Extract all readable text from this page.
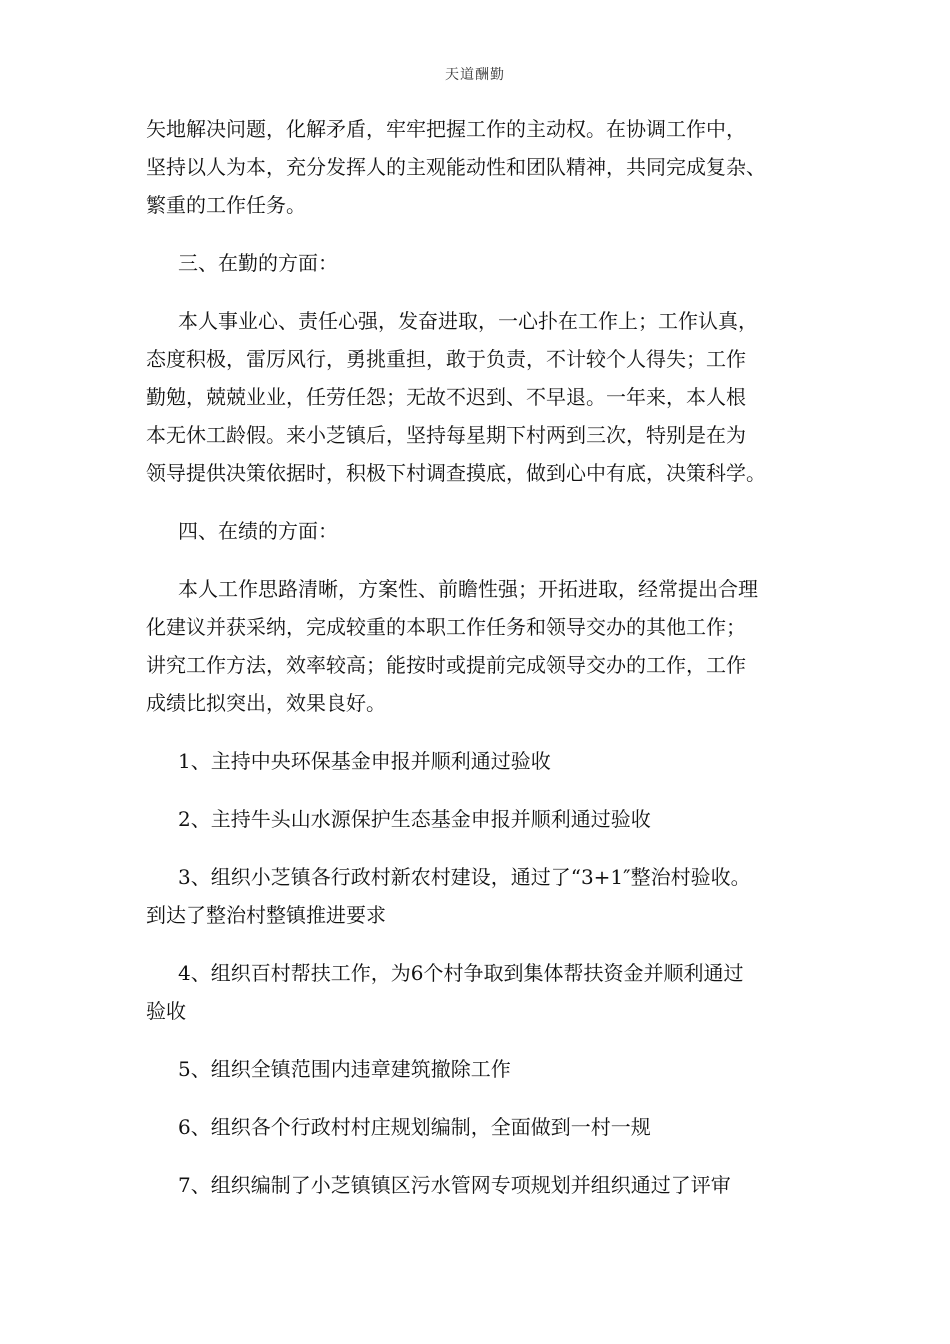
天道酬勤

矢地解决问题，化解矛盾，牢牢把握工作的主动权。在协调工作中，
坚持以人为本，充分发挥人的主观能动性和团队精神，共同完成复杂、
繁重的工作任务。

三、在勤的方面：

本人事业心、责任心强，发奋进取，一心扑在工作上；工作认真，
态度积极，雷厉风行，勇挑重担，敢于负责，不计较个人得失；工作
勤勉，兢兢业业，任劳任怨；无故不迟到、不早退。一年来，本人根
本无休工龄假。来小芝镇后，坚持每星期下村两到三次，特别是在为
领导提供决策依据时，积极下村调查摸底，做到心中有底，决策科学。

四、在绩的方面：

本人工作思路清晰，方案性、前瞻性强；开拓进取，经常提出合理
化建议并获采纳，完成较重的本职工作任务和领导交办的其他工作；
讲究工作方法，效率较高；能按时或提前完成领导交办的工作，工作
成绩比拟突出，效果良好。

1、主持中央环保基金申报并顺利通过验收

2、主持牛头山水源保护生态基金申报并顺利通过验收

3、组织小芝镇各行政村新农村建设，通过了“3+1″整治村验收。
到达了整治村整镇推进要求

4、组织百村帮扶工作，为6个村争取到集体帮扶资金并顺利通过
验收

5、组织全镇范围内违章建筑撤除工作

6、组织各个行政村村庄规划编制，全面做到一村一规

7、组织编制了小芝镇镇区污水管网专项规划并组织通过了评审
